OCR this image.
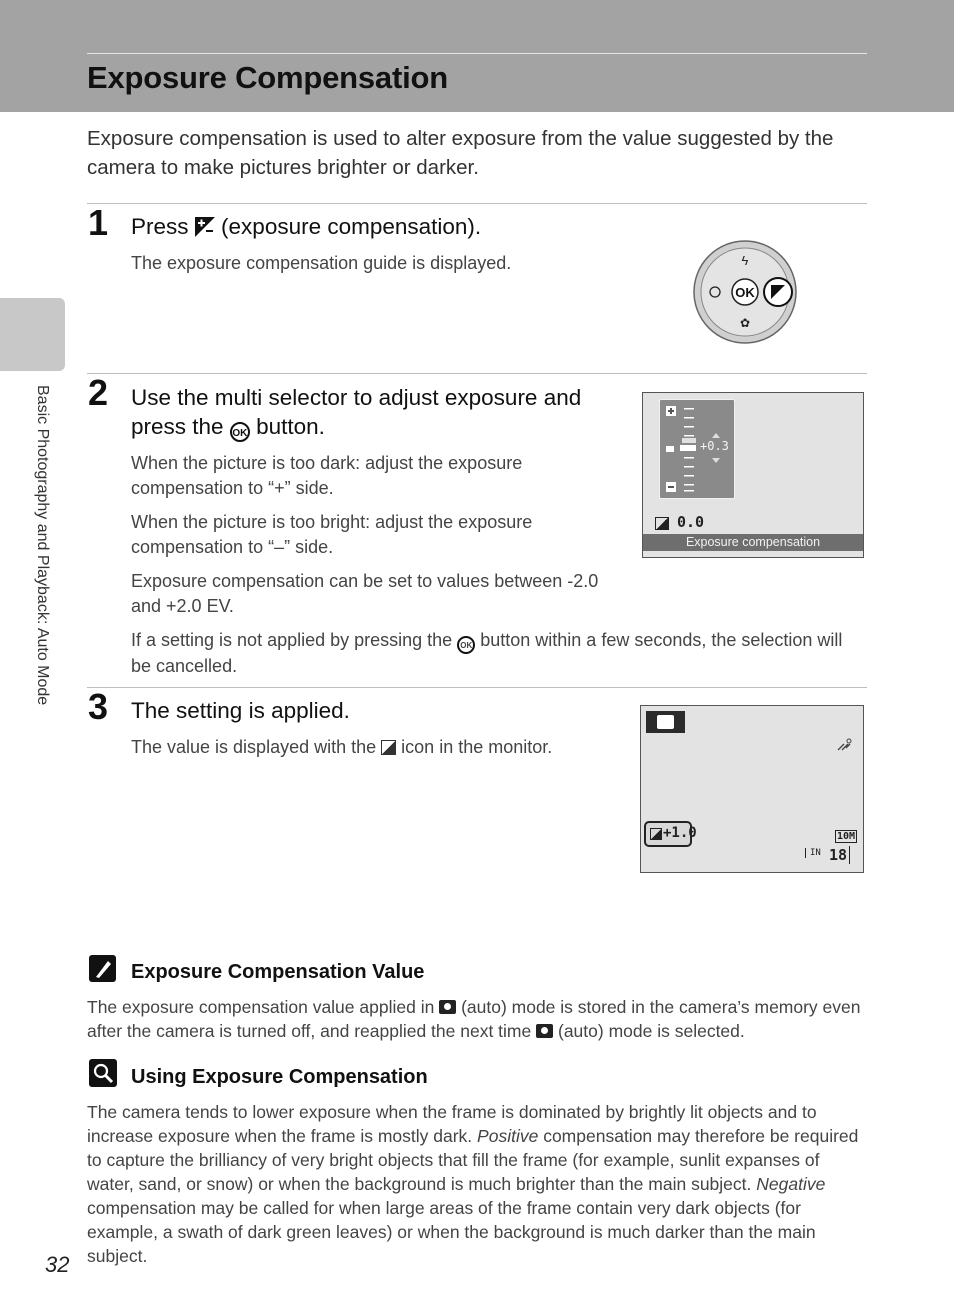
Exposure Compensation
Basic Photography and Playback: Auto Mode
Exposure compensation is used to alter exposure from the value suggested by the camera to make pictures brighter or darker.
1 Press (exposure compensation).
The exposure compensation guide is displayed.
OK
ϟ
✿
2 Use the multi selector to adjust exposure and
press the OK button.
When the picture is too dark: adjust the exposure compensation to “+” side.
When the picture is too bright: adjust the exposure compensation to “–” side.
Exposure compensation can be set to values between -2.0 and +2.0 EV.
If a setting is not applied by pressing the OK button within a few seconds, the selection will be cancelled.
+0.3
0.0
Exposure compensation
3 The setting is applied.
The value is displayed with the icon in the monitor.
+1.0	10M
IN 18
Exposure Compensation Value
The exposure compensation value applied in (auto) mode is stored in the camera’s memory even after the camera is turned off, and reapplied the next time (auto) mode is selected.
Using Exposure Compensation
The camera tends to lower exposure when the frame is dominated by brightly lit objects and to increase exposure when the frame is mostly dark. Positive compensation may therefore be required to capture the brilliancy of very bright objects that fill the frame (for example, sunlit expanses of water, sand, or snow) or when the background is much brighter than the main subject. Negative compensation may be called for when large areas of the frame contain very dark objects (for example, a swath of dark green leaves) or when the background is much darker than the main subject.
32
